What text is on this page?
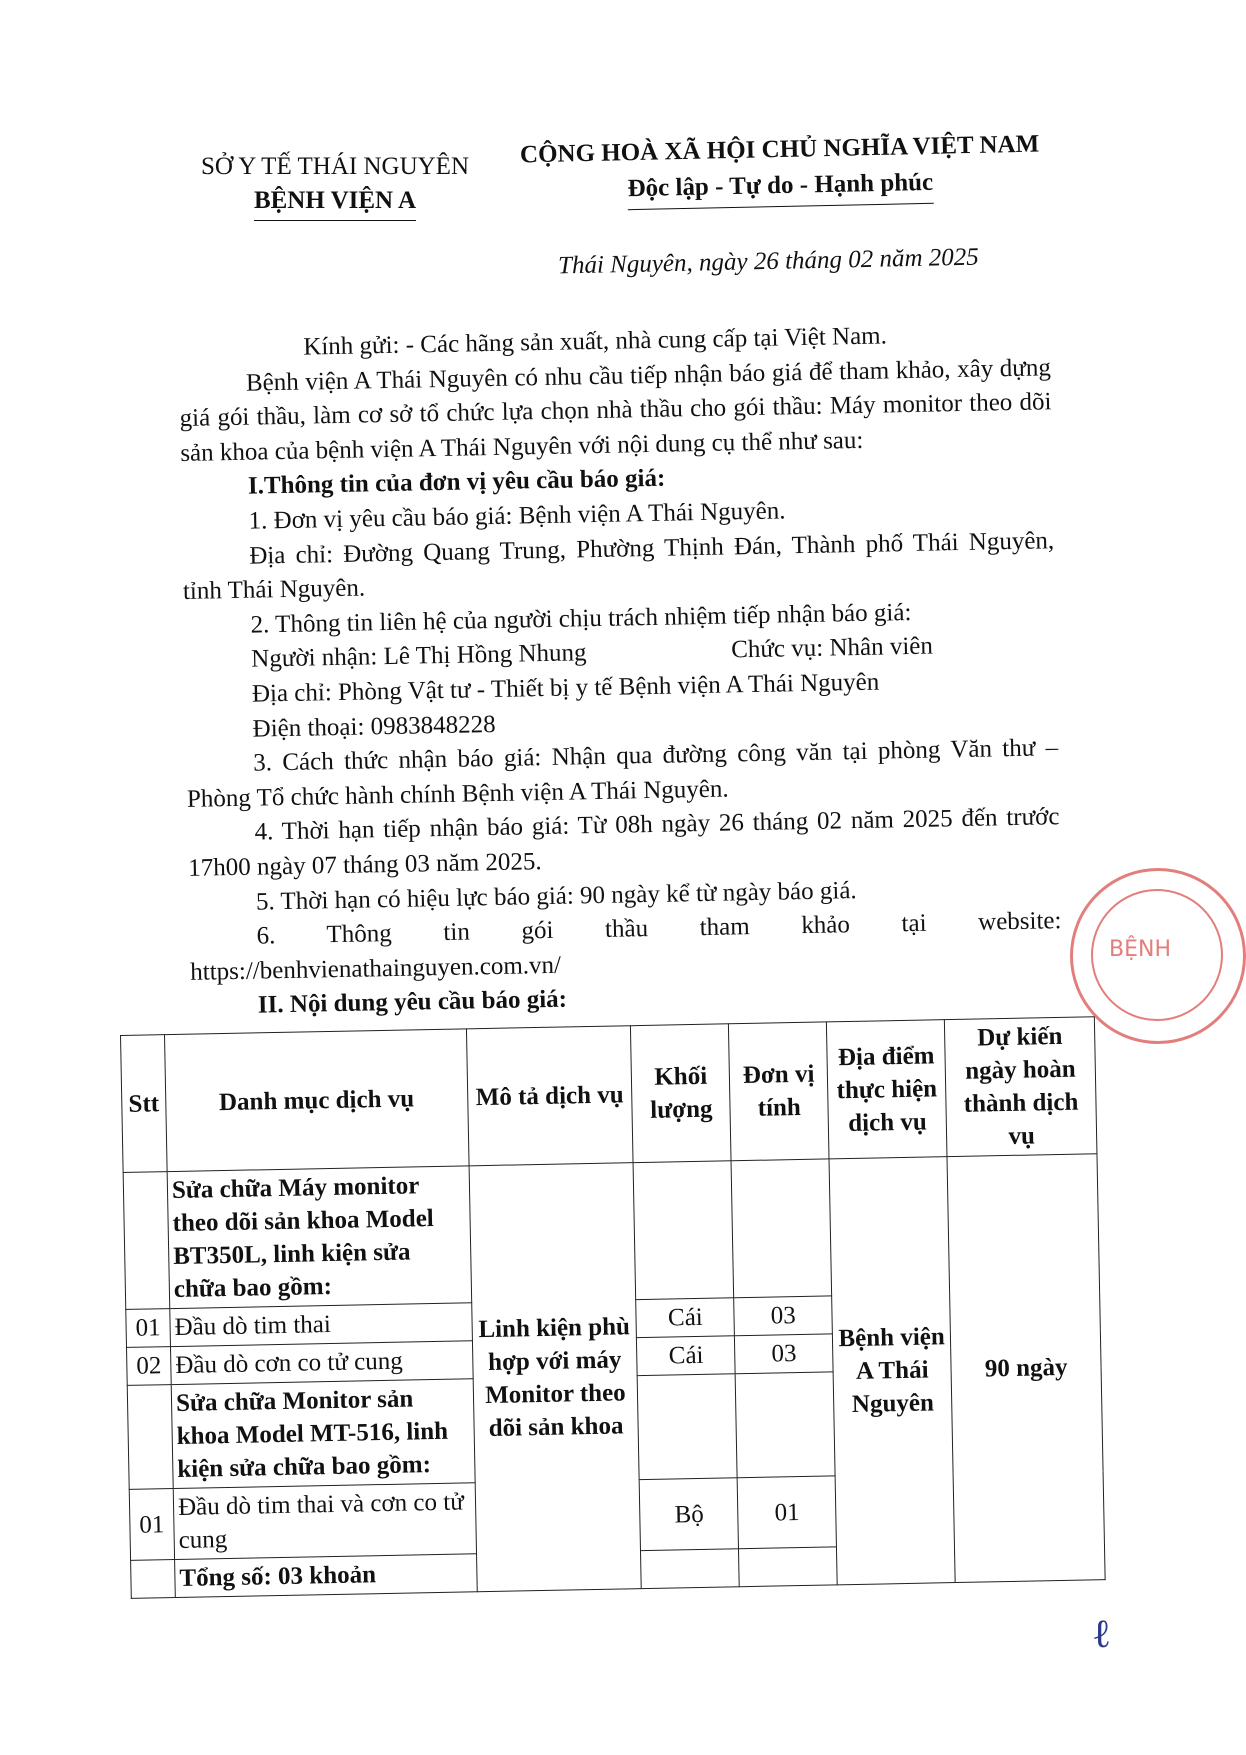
SỞ Y TẾ THÁI NGUYÊN
BỆNH VIỆN A
CỘNG HOÀ XÃ HỘI CHỦ NGHĨA VIỆT NAM
Độc lập - Tự do - Hạnh phúc
Thái Nguyên, ngày 26 tháng 02 năm 2025

Kính gửi: - Các hãng sản xuất, nhà cung cấp tại Việt Nam.

Bệnh viện A Thái Nguyên có nhu cầu tiếp nhận báo giá để tham khảo, xây dựng giá gói thầu, làm cơ sở tổ chức lựa chọn nhà thầu cho gói thầu: Máy monitor theo dõi sản khoa của bệnh viện A Thái Nguyên với nội dung cụ thể như sau:

I.Thông tin của đơn vị yêu cầu báo giá:

1. Đơn vị yêu cầu báo giá: Bệnh viện A Thái Nguyên.

Địa chỉ: Đường Quang Trung, Phường Thịnh Đán, Thành phố Thái Nguyên, tỉnh Thái Nguyên.

2. Thông tin liên hệ của người chịu trách nhiệm tiếp nhận báo giá:

Người nhận: Lê Thị Hồng Nhung	Chức vụ: Nhân viên

Địa chỉ: Phòng Vật tư - Thiết bị y tế Bệnh viện A Thái Nguyên

Điện thoại: 0983848228

3. Cách thức nhận báo giá: Nhận qua đường công văn tại phòng Văn thư – Phòng Tổ chức hành chính Bệnh viện A Thái Nguyên.

4. Thời hạn tiếp nhận báo giá: Từ 08h ngày 26 tháng 02 năm 2025 đến trước 17h00 ngày 07 tháng 03 năm 2025.

5. Thời hạn có hiệu lực báo giá: 90 ngày kể từ ngày báo giá.

6. Thông tin gói thầu tham khảo tại website:

https://benhvienathainguyen.com.vn/

II. Nội dung yêu cầu báo giá:

Stt	Danh mục dịch vụ	Mô tả dịch vụ	Khối lượng	Đơn vị tính	Địa điểm thực hiện dịch vụ	Dự kiến ngày hoàn thành dịch vụ
	Sửa chữa Máy monitor theo dõi sản khoa Model BT350L, linh kiện sửa chữa bao gồm:	Linh kiện phù hợp với máy Monitor theo dõi sản khoa			Bệnh viện A Thái Nguyên	90 ngày
01	Đầu dò tim thai		Cái	03		
02	Đầu dò cơn co tử cung		Cái	03		
	Sửa chữa Monitor sản khoa Model MT-516, linh kiện sửa chữa bao gồm:					
01	Đầu dò tim thai và cơn co tử cung		Bộ	01		
	Tổng số: 03 khoản					
BỆNH
ℓ
